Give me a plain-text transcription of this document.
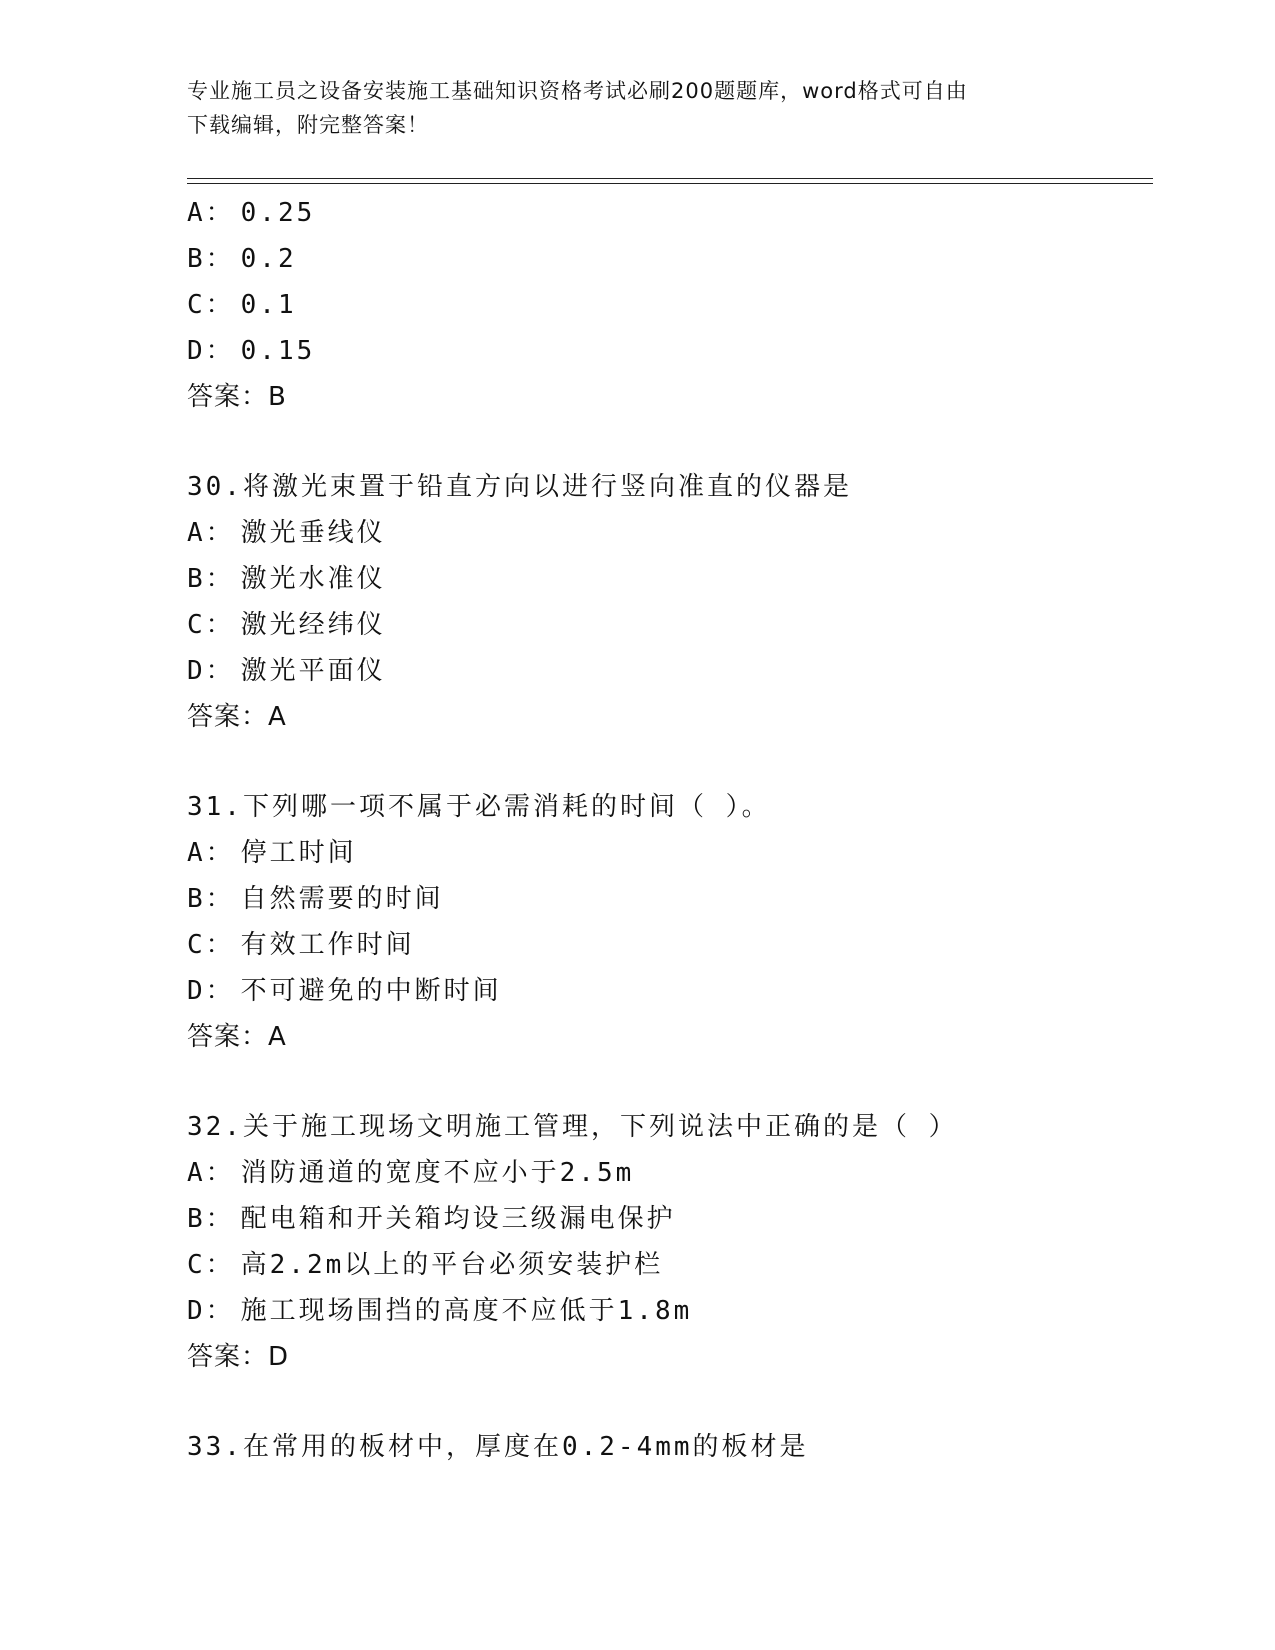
专业施工员之设备安装施工基础知识资格考试必刷200题题库，word格式可自由
下载编辑，附完整答案！
A： 0.25
B： 0.2
C： 0.1
D： 0.15
答案：B
30.将激光束置于铅直方向以进行竖向准直的仪器是
A： 激光垂线仪
B： 激光水准仪
C： 激光经纬仪
D： 激光平面仪
答案：A
31.下列哪一项不属于必需消耗的时间（ ）。
A： 停工时间
B： 自然需要的时间
C： 有效工作时间
D： 不可避免的中断时间
答案：A
32.关于施工现场文明施工管理，下列说法中正确的是（ ）
A： 消防通道的宽度不应小于2.5m
B： 配电箱和开关箱均设三级漏电保护
C： 高2.2m以上的平台必须安装护栏
D： 施工现场围挡的高度不应低于1.8m
答案：D
33.在常用的板材中，厚度在0.2-4mm的板材是
